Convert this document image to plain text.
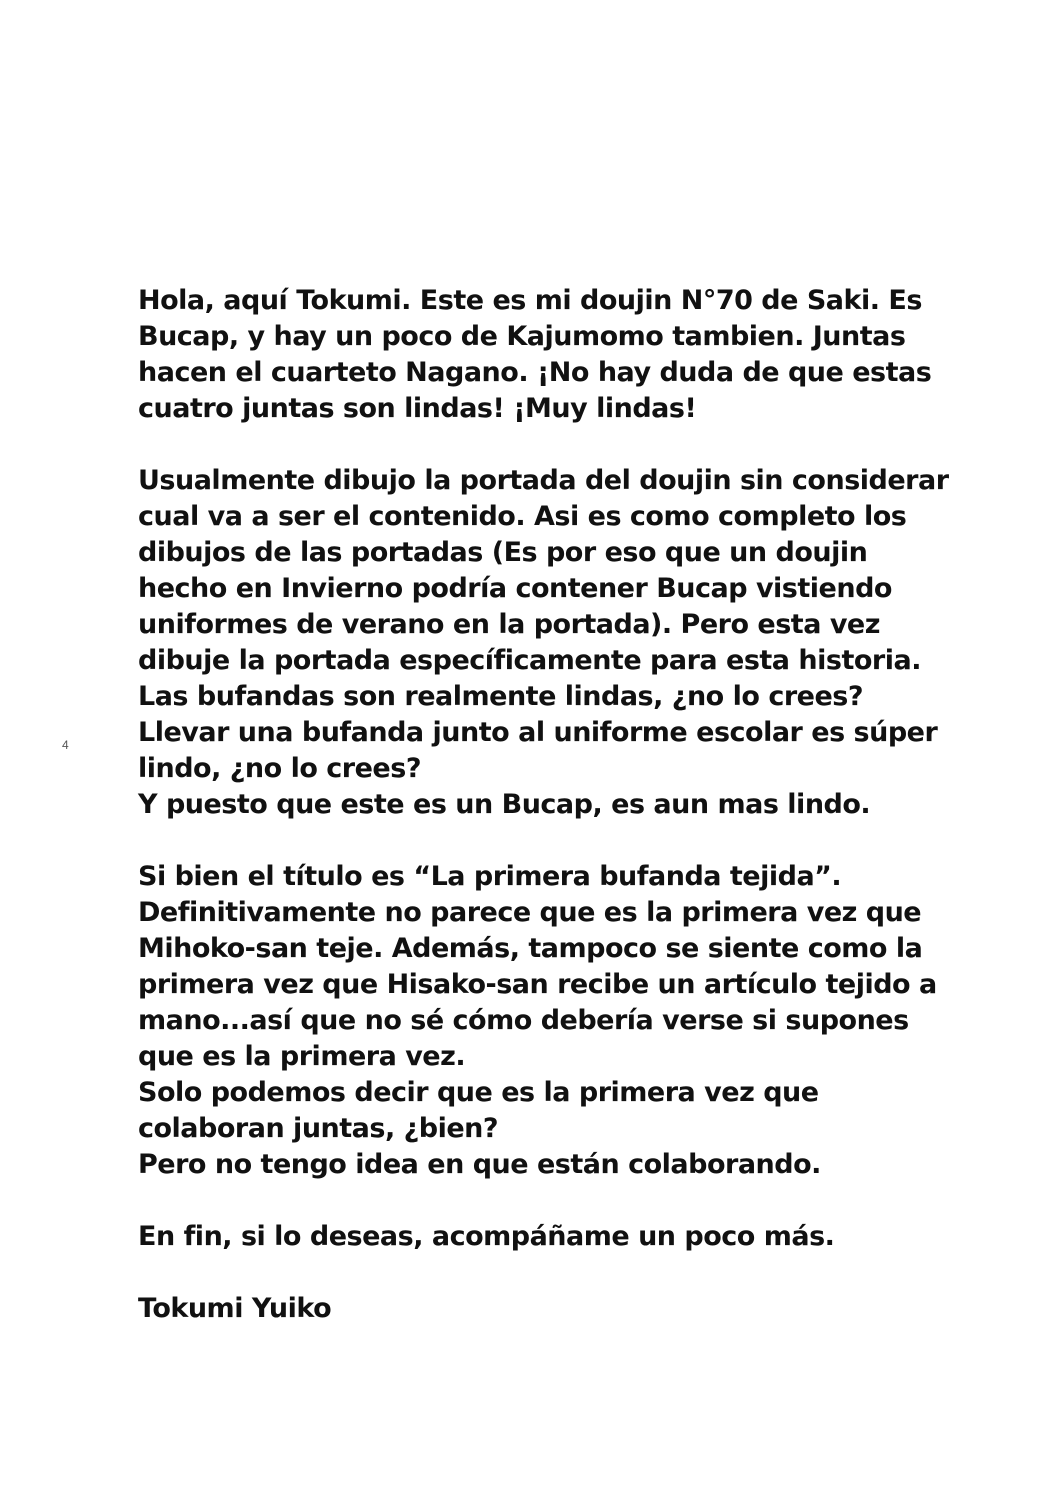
4

Hola, aquí Tokumi. Este es mi doujin N°70 de Saki. Es
Bucap, y hay un poco de Kajumomo tambien. Juntas
hacen el cuarteto Nagano. ¡No hay duda de que estas
cuatro juntas son lindas! ¡Muy lindas!

Usualmente dibujo la portada del doujin sin considerar
cual va a ser el contenido. Asi es como completo los
dibujos de las portadas (Es por eso que un doujin
hecho en Invierno podría contener Bucap vistiendo
uniformes de verano en la portada). Pero esta vez
dibuje la portada específicamente para esta historia.
Las bufandas son realmente lindas, ¿no lo crees?
Llevar una bufanda junto al uniforme escolar es súper
lindo, ¿no lo crees?
Y puesto que este es un Bucap, es aun mas lindo.

Si bien el título es “La primera bufanda tejida”.
Definitivamente no parece que es la primera vez que
Mihoko-san teje. Además, tampoco se siente como la
primera vez que Hisako-san recibe un artículo tejido a
mano...así que no sé cómo debería verse si supones
que es la primera vez.
Solo podemos decir que es la primera vez que
colaboran juntas, ¿bien?
Pero no tengo idea en que están colaborando.

En fin, si lo deseas, acompáñame un poco más.

Tokumi Yuiko
